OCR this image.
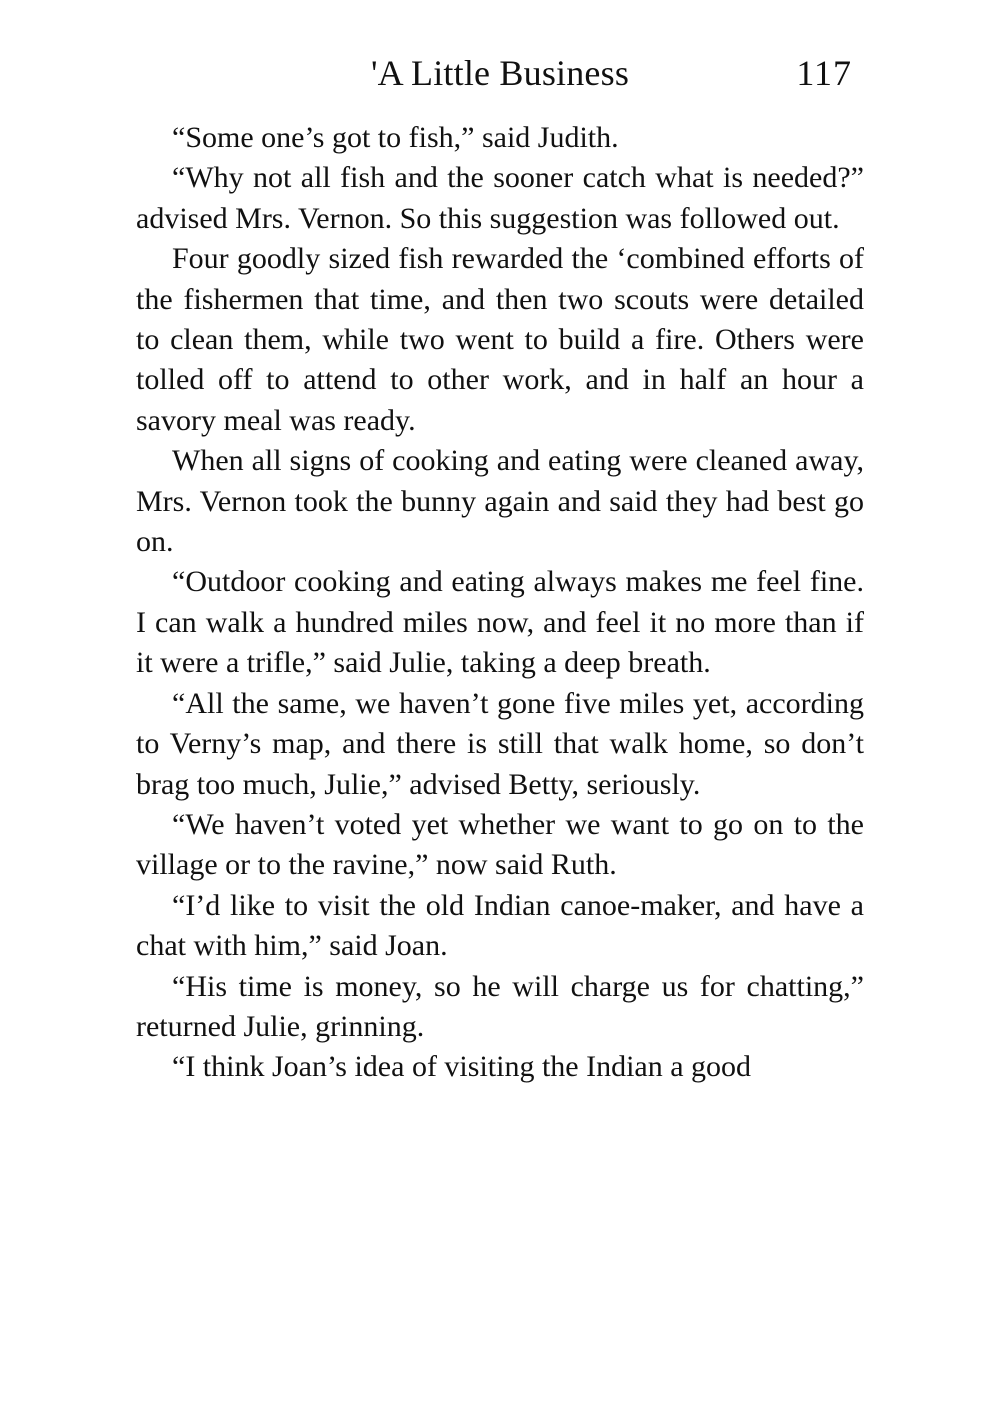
'A Little Business	117

“Some one’s got to fish,” said Judith.

“Why not all fish and the sooner catch what is needed?” advised Mrs. Vernon. So this suggestion was followed out.

Four goodly sized fish rewarded the ‘combined efforts of the fishermen that time, and then two scouts were detailed to clean them, while two went to build a fire. Others were tolled off to attend to other work, and in half an hour a savory meal was ready.

When all signs of cooking and eating were cleaned away, Mrs. Vernon took the bunny again and said they had best go on.

“Outdoor cooking and eating always makes me feel fine. I can walk a hundred miles now, and feel it no more than if it were a trifle,” said Julie, taking a deep breath.

“All the same, we haven’t gone five miles yet, according to Verny’s map, and there is still that walk home, so don’t brag too much, Julie,” advised Betty, seriously.

“We haven’t voted yet whether we want to go on to the village or to the ravine,” now said Ruth.

“I’d like to visit the old Indian canoe-maker, and have a chat with him,” said Joan.

“His time is money, so he will charge us for chatting,” returned Julie, grinning.

“I think Joan’s idea of visiting the Indian a good
